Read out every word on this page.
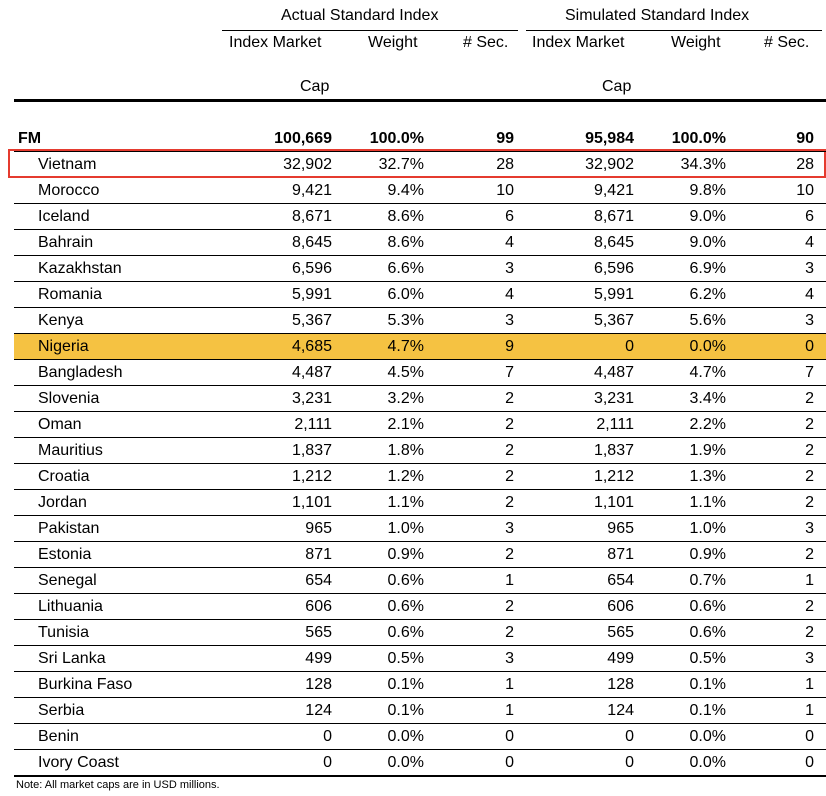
Actual Standard Index	Simulated Standard Index
Index Market
Cap
Weight	# Sec. Index Market
Cap
Weight	# Sec.
FM	100,669 100.0%	99	95,984 100.0%	90
Vietnam	32,902	32.7%	28	32,902	34.3%	28
Morocco	9,421	9.4%	10	9,421	9.8%	10
Iceland	8,671	8.6%	6	8,671	9.0%	6
Bahrain	8,645	8.6%	4	8,645	9.0%	4
Kazakhstan	6,596	6.6%	3	6,596	6.9%	3
Romania	5,991	6.0%	4	5,991	6.2%	4
Kenya	5,367	5.3%	3	5,367	5.6%	3
Nigeria	4,685	4.7%	9	0	0.0%	0
Bangladesh	4,487	4.5%	7	4,487	4.7%	7
Slovenia	3,231	3.2%	2	3,231	3.4%	2
Oman	2,111	2.1%	2	2,111	2.2%	2
Mauritius	1,837	1.8%	2	1,837	1.9%	2
Croatia	1,212	1.2%	2	1,212	1.3%	2
Jordan	1,101	1.1%	2	1,101	1.1%	2
Pakistan	965	1.0%	3	965	1.0%	3
Estonia	871	0.9%	2	871	0.9%	2
Senegal	654	0.6%	1	654	0.7%	1
Lithuania	606	0.6%	2	606	0.6%	2
Tunisia	565	0.6%	2	565	0.6%	2
Sri Lanka	499	0.5%	3	499	0.5%	3
Burkina Faso	128	0.1%	1	128	0.1%	1
Serbia	124	0.1%	1	124	0.1%	1
Benin	0	0.0%	0	0	0.0%	0
Ivory Coast	0	0.0%	0	0	0.0%	0
Note: All market caps are in USD millions.
